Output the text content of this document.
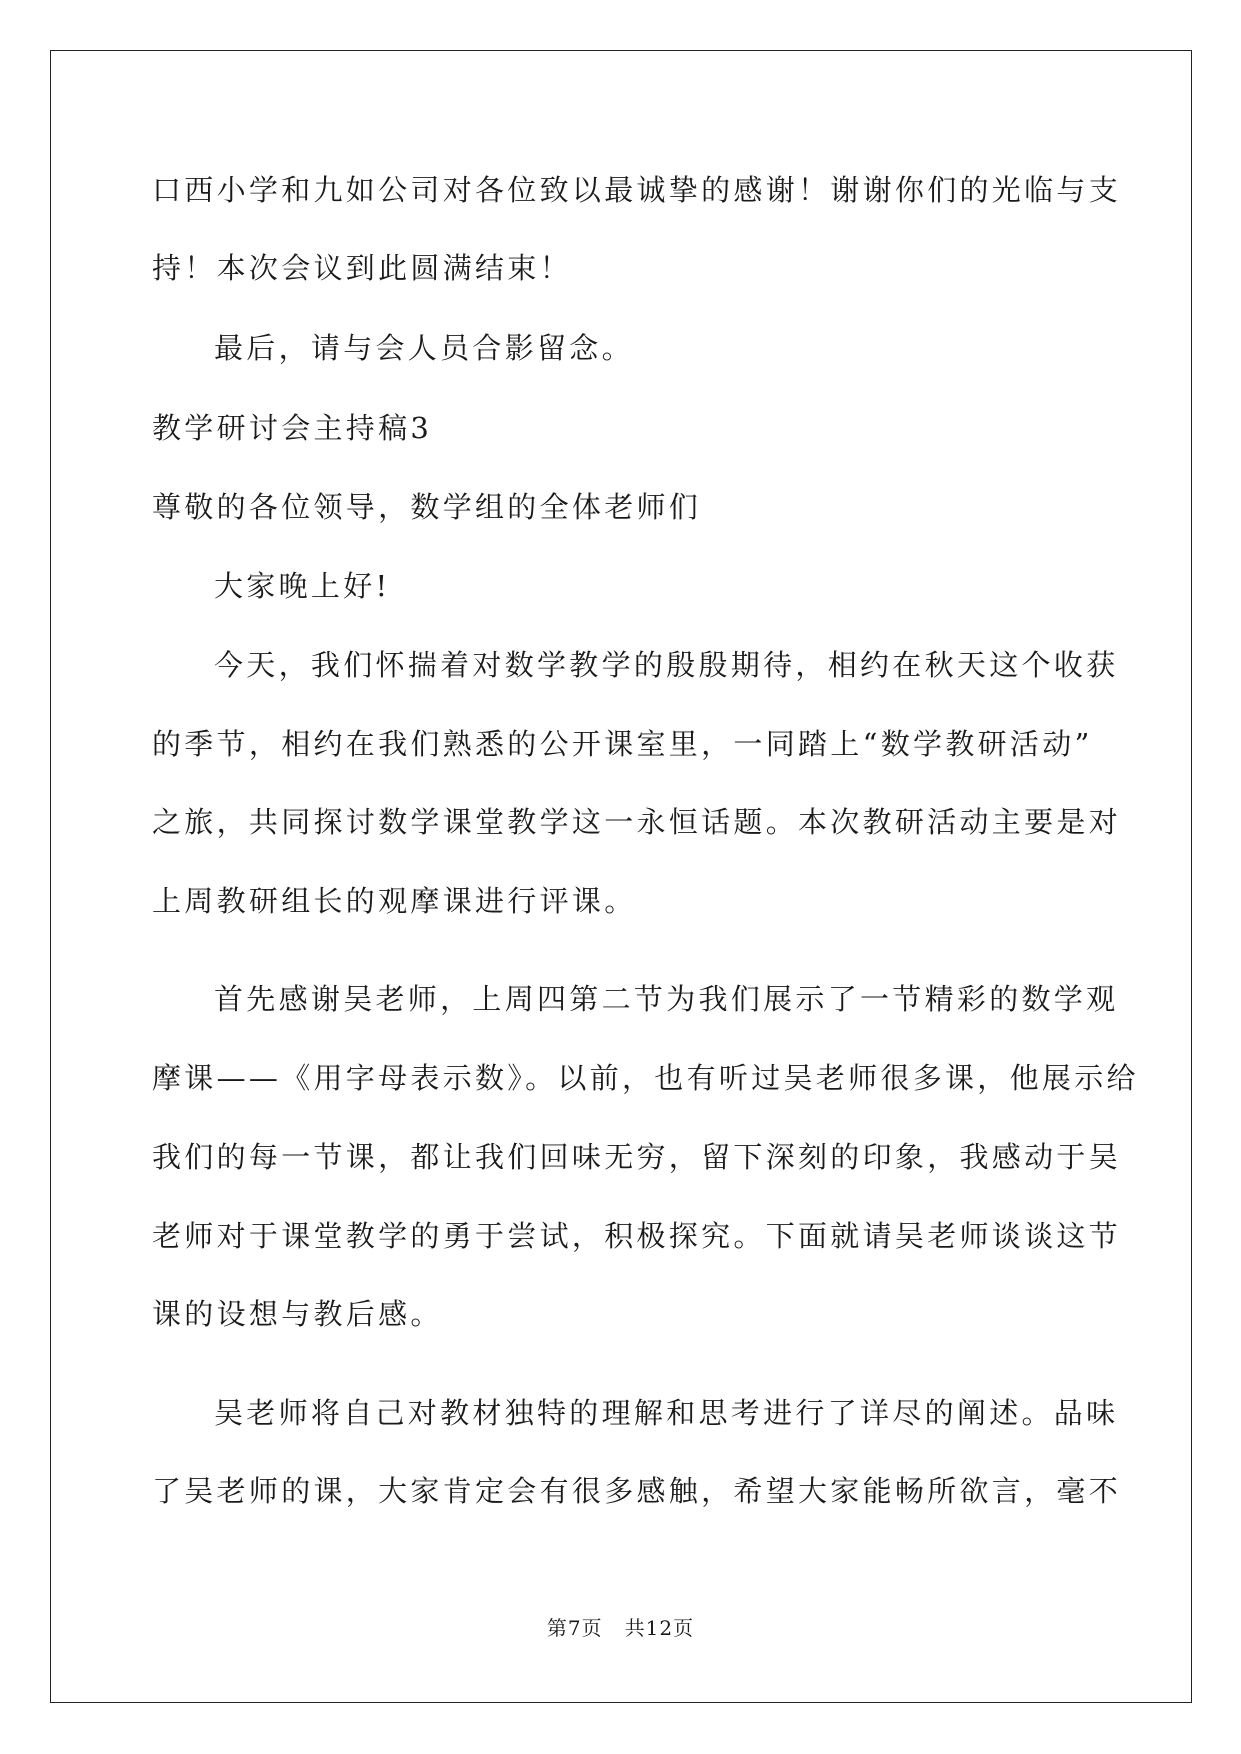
口西小学和九如公司对各位致以最诚挚的感谢！谢谢你们的光临与支
持！本次会议到此圆满结束！
最后，请与会人员合影留念。
教学研讨会主持稿3
尊敬的各位领导，数学组的全体老师们
大家晚上好!
今天，我们怀揣着对数学教学的殷殷期待，相约在秋天这个收获
的季节，相约在我们熟悉的公开课室里，一同踏上“数学教研活动”
之旅，共同探讨数学课堂教学这一永恒话题。本次教研活动主要是对
上周教研组长的观摩课进行评课。
首先感谢吴老师，上周四第二节为我们展示了一节精彩的数学观
摩课——《用字母表示数》。以前，也有听过吴老师很多课，他展示给
我们的每一节课，都让我们回味无穷，留下深刻的印象，我感动于吴
老师对于课堂教学的勇于尝试，积极探究。下面就请吴老师谈谈这节
课的设想与教后感。
吴老师将自己对教材独特的理解和思考进行了详尽的阐述。品味
了吴老师的课，大家肯定会有很多感触，希望大家能畅所欲言，毫不
第7页 共12页
